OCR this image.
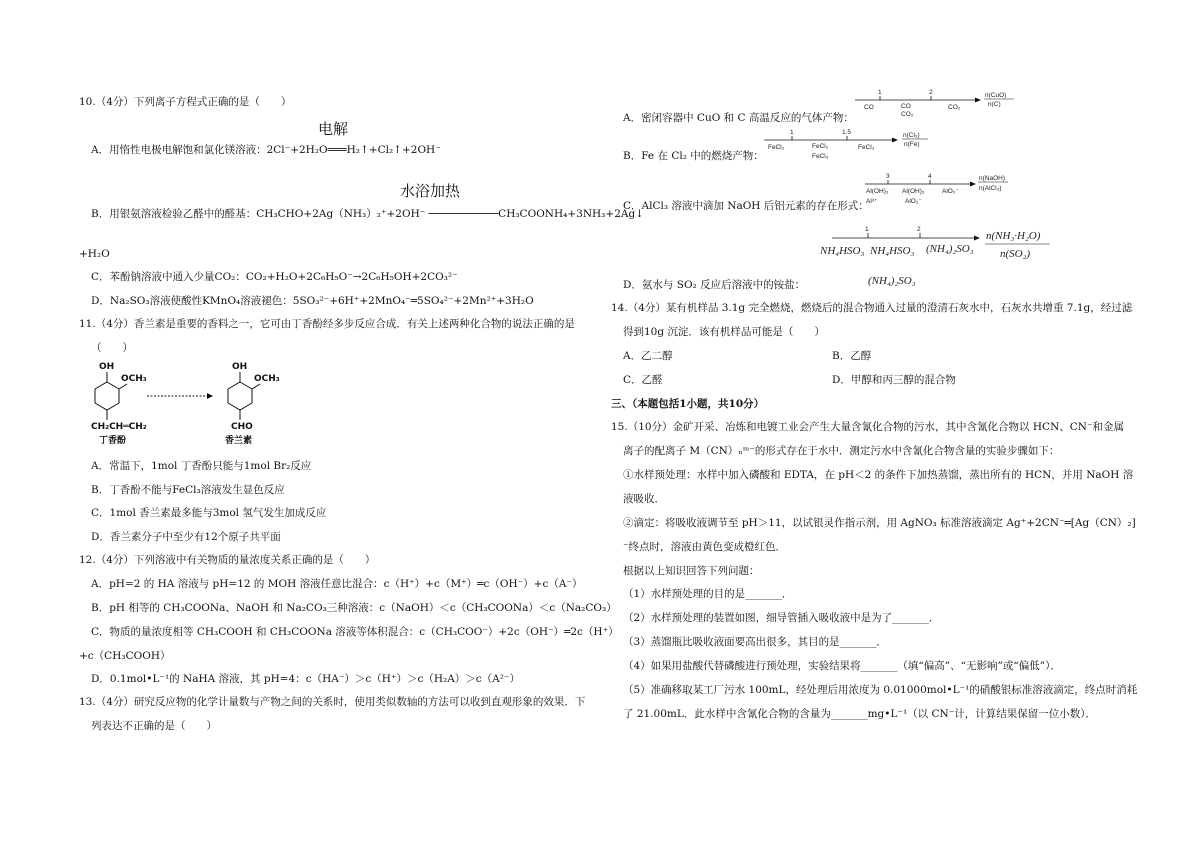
10.（4分）下列离子方程式正确的是（　　）
电解
A．用惰性电极电解饱和氯化镁溶液：2Cl⁻+2H₂O═══H₂↑+Cl₂↑+2OH⁻
水浴加热
B．用银氨溶液检验乙醛中的醛基：CH₃CHO+2Ag（NH₃）₂⁺+2OH⁻ ───────────CH₃COONH₄+3NH₃+2Ag↓
+H₂O
C．苯酚钠溶液中通入少量CO₂：CO₂+H₂O+2C₆H₅O⁻→2C₆H₅OH+2CO₃²⁻
D．Na₂SO₃溶液使酸性KMnO₄溶液褪色：5SO₃²⁻+6H⁺+2MnO₄⁻═5SO₄²⁻+2Mn²⁺+3H₂O
11.（4分）香兰素是重要的香料之一，它可由丁香酚经多步反应合成．有关上述两种化合物的说法正确的是
（　　）
OH
OCH₃
CH₂CH═CH₂
丁香酚
OH
OCH₃
CHO
香兰素
A．常温下，1mol 丁香酚只能与1mol Br₂反应
B．丁香酚不能与FeCl₃溶液发生显色反应
C．1mol 香兰素最多能与3mol 氢气发生加成反应
D．香兰素分子中至少有12个原子共平面
12.（4分）下列溶液中有关物质的量浓度关系正确的是（　　）
A．pH=2 的 HA 溶液与 pH=12 的 MOH 溶液任意比混合：c（H⁺）+c（M⁺）═c（OH⁻）+c（A⁻）
B．pH 相等的 CH₃COONa、NaOH 和 Na₂CO₃三种溶液：c（NaOH）＜c（CH₃COONa）＜c（Na₂CO₃）
C．物质的量浓度相等 CH₃COOH 和 CH₃COONa 溶液等体积混合：c（CH₃COO⁻）+2c（OH⁻）═2c（H⁺）
+c（CH₃COOH）
D．0.1mol•L⁻¹的 NaHA 溶液，其 pH=4：c（HA⁻）＞c（H⁺）＞c（H₂A）＞c（A²⁻）
13.（4分）研究反应物的化学计量数与产物之间的关系时，使用类似数轴的方法可以收到直观形象的效果．下
列表达不正确的是（　　）
A．密闭容器中 CuO 和 C 高温反应的气体产物：
B．Fe 在 Cl₂ 中的燃烧产物：
C．AlCl₃ 溶液中滴加 NaOH 后铝元素的存在形式：
D．氨水与 SO₂ 反应后溶液中的铵盐：
1	2
CO	CO
CO₂
CO₂
n(CuO)
n(C)
1	1.5
FeCl₂	FeCl₂
FeCl₃
FeCl₃
n(Cl₂)
n(Fe)
3	4
Al(OH)₃
Al³⁺
Al(OH)₃
AlO₂⁻
AlO₂⁻
n(NaOH)
n(AlCl₃)
1	2
NH₄HSO₃ NH₄HSO₃ (NH₄)₂SO₃
(NH₄)₂SO₃
n(NH₃·H₂O)
n(SO₂)
14.（4分）某有机样品 3.1g 完全燃烧，燃烧后的混合物通入过量的澄清石灰水中，石灰水共增重 7.1g，经过滤
得到10g 沉淀．该有机样品可能是（　　）
A．乙二醇	B．乙醇
C．乙醛	D．甲醇和丙三醇的混合物
三、（本题包括1小题，共10分）
15.（10分）金矿开采、冶炼和电镀工业会产生大量含氰化合物的污水，其中含氰化合物以 HCN、CN⁻和金属
离子的配离子 M（CN）ₙᵐ⁻的形式存在于水中．测定污水中含氰化合物含量的实验步骤如下：
①水样预处理：水样中加入磷酸和 EDTA，在 pH＜2 的条件下加热蒸馏，蒸出所有的 HCN，并用 NaOH 溶
液吸收．
②滴定：将吸收液调节至 pH＞11，以试银灵作指示剂，用 AgNO₃ 标准溶液滴定 Ag⁺+2CN⁻═[Ag（CN）₂]
⁻终点时，溶液由黄色变成橙红色．
根据以上知识回答下列问题：
（1）水样预处理的目的是_______．
（2）水样预处理的装置如图，细导管插入吸收液中是为了_______．
（3）蒸馏瓶比吸收液面要高出很多，其目的是_______．
（4）如果用盐酸代替磷酸进行预处理，实验结果将_______（填“偏高”、“无影响”或“偏低”）．
（5）准确移取某工厂污水 100mL，经处理后用浓度为 0.01000mol•L⁻¹的硝酸银标准溶液滴定，终点时消耗
了 21.00mL．此水样中含氰化合物的含量为_______mg•L⁻¹（以 CN⁻计，计算结果保留一位小数）．
